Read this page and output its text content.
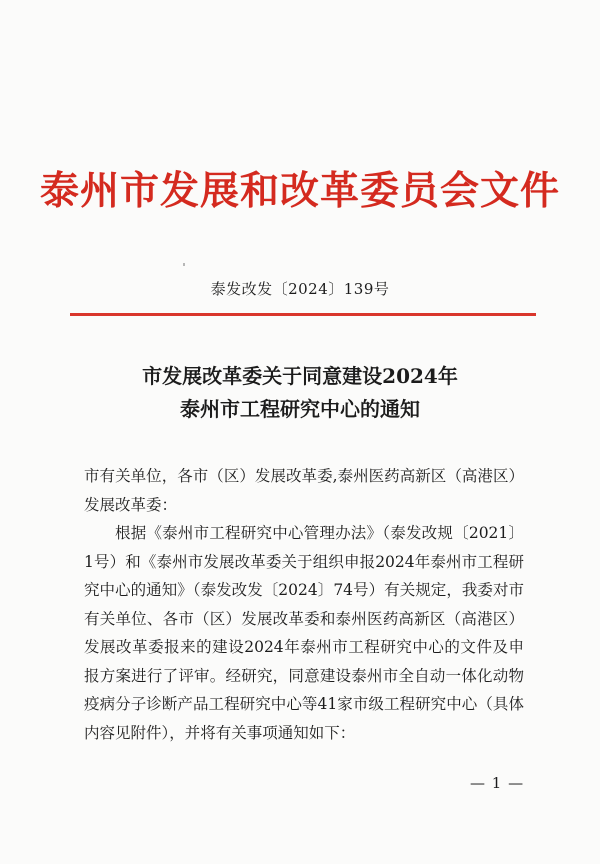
泰州市发展和改革委员会文件
泰发改发〔2024〕139号
市发展改革委关于同意建设2024年
泰州市工程研究中心的通知

市有关单位，各市（区）发展改革委,泰州医药高新区（高港区）发展改革委：

根据《泰州市工程研究中心管理办法》（泰发改规〔2021〕1号）和《泰州市发展改革委关于组织申报2024年泰州市工程研究中心的通知》（泰发改发〔2024〕74号）有关规定，我委对市有关单位、各市（区）发展改革委和泰州医药高新区（高港区）发展改革委报来的建设2024年泰州市工程研究中心的文件及申报方案进行了评审。经研究，同意建设泰州市全自动一体化动物疫病分子诊断产品工程研究中心等41家市级工程研究中心（具体内容见附件），并将有关事项通知如下：

— 1 —
